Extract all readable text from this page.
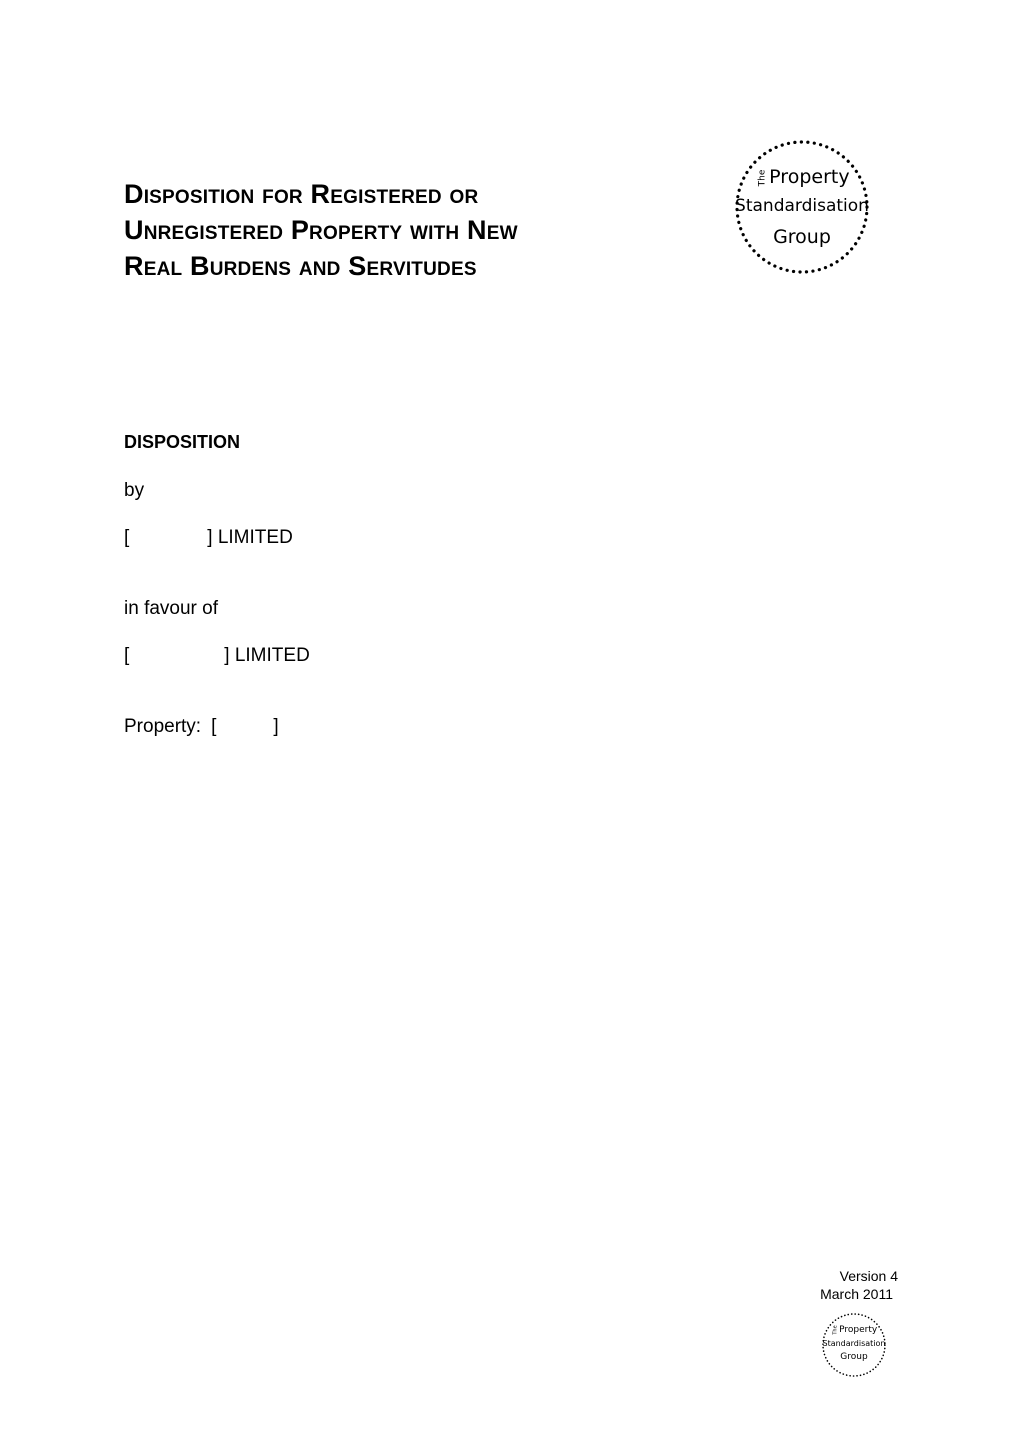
Disposition for Registered or
Unregistered Property with New
Real Burdens and Servitudes
TheProperty
Standardisation
Group
DISPOSITION
by
[	] LIMITED
in favour of
[	] LIMITED
Property: [	]
Version 4
March 2011
TheProperty
Standardisation
Group
